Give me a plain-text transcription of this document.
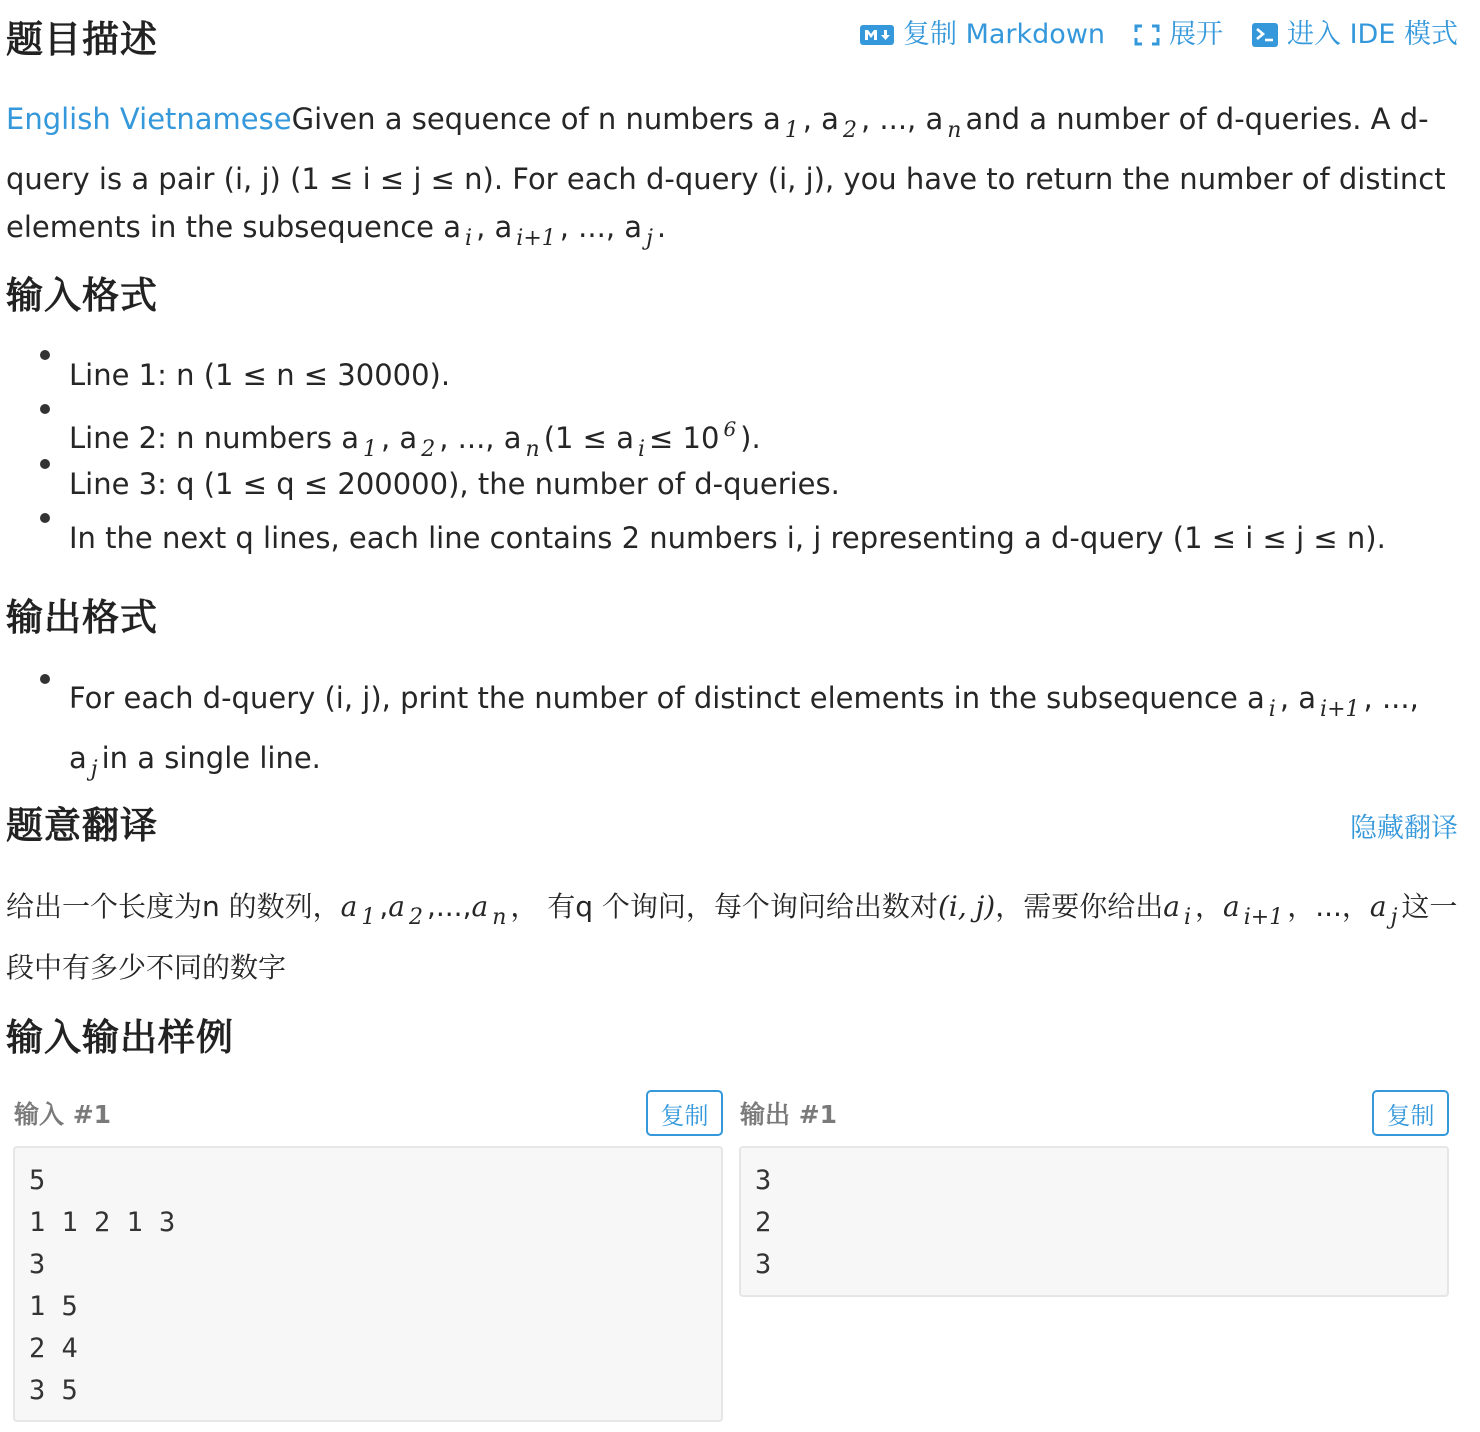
题目描述	复制 Markdown 展开 进入 IDE 模式

English VietnameseGiven a sequence of n numbers a $_1$ , a $_2$ , ..., a $_n$ and a number of d-queries. A d-query is a pair (i, j) (1 ≤ i ≤ j ≤ n). For each d-query (i, j), you have to return the number of distinct elements in the subsequence a $_i$ , a $_{i+1}$ , ..., a $_j$ .

输入格式
Line 1: n (1 ≤ n ≤ 30000).
Line 2: n numbers a $_1$ , a $_2$ , ..., a $_n$ (1 ≤ a $_i$ ≤ 10 $^6$ ).
Line 3: q (1 ≤ q ≤ 200000), the number of d-queries.
In the next q lines, each line contains 2 numbers i, j representing a d-query (1 ≤ i ≤ j ≤ n).
输出格式
For each d-query (i, j), print the number of distinct elements in the subsequence a $_i$ , a $_{i+1}$ , ..., a $_j$ in a single line.
题意翻译	隐藏翻译

给出一个长度为n 的数列，a $_1$ ,a $_2$ ,...,a $_n$ ， 有q 个询问，每个询问给出数对(i, j)，需要你给出a $_i$ ，a $_{i+1}$ ，...，a $_j$ 这一段中有多少不同的数字

输入输出样例
输入 #1	复制
5
1 1 2 1 3
3
1 5
2 4
3 5
输出 #1	复制
3
2
3
